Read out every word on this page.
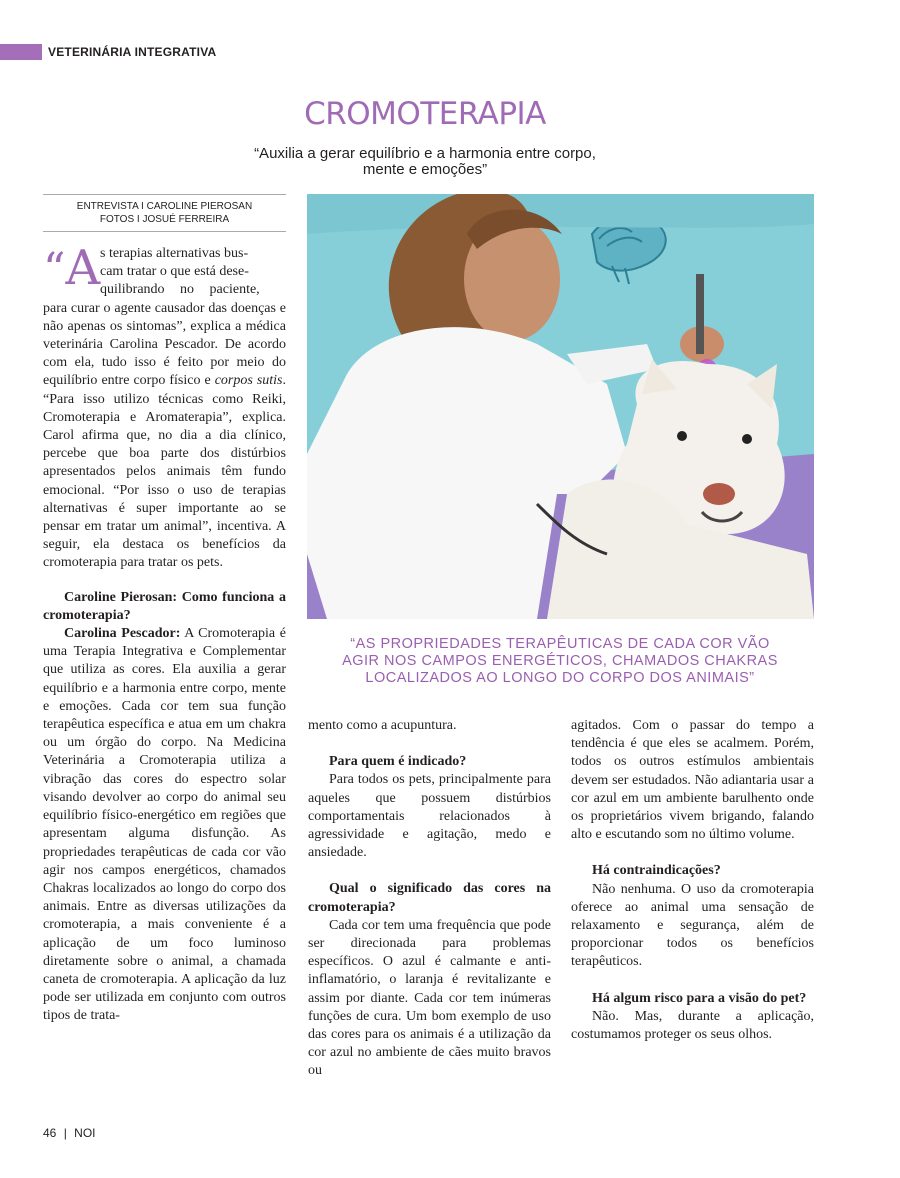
VETERINÁRIA INTEGRATIVA
CROMOTERAPIA
“Auxilia a gerar equilíbrio e a harmonia entre corpo,
mente e emoções”
ENTREVISTA I CAROLINE PIEROSAN
FOTOS I JOSUÉ FERREIRA
“AS PROPRIEDADES TERAPÊUTICAS DE CADA COR VÃO
AGIR NOS CAMPOS ENERGÉTICOS, CHAMADOS CHAKRAS
LOCALIZADOS AO LONGO DO CORPO DOS ANIMAIS”
“A s terapias alternativas bus-

cam tratar o que está dese-

quilibrando no paciente,

para curar o agente causador das doenças e não apenas os sintomas”, explica a médica veterinária Carolina Pescador. De acordo com ela, tudo isso é feito por meio do equilíbrio entre corpo físico e corpos sutis. “Para isso utilizo técnicas como Reiki, Cromoterapia e Aromaterapia”, explica. Carol afirma que, no dia a dia clínico, percebe que boa parte dos distúrbios apresentados pelos animais têm fundo emocional. “Por isso o uso de terapias alternativas é super importante ao se pensar em tratar um animal”, incentiva. A seguir, ela destaca os benefícios da cromoterapia para tratar os pets.

Caroline Pierosan: Como funciona a cromoterapia?

Carolina Pescador: A Cromoterapia é uma Terapia Integrativa e Complementar que utiliza as cores. Ela auxilia a gerar equilíbrio e a harmonia entre corpo, mente e emoções. Cada cor tem sua função terapêutica específica e atua em um chakra ou um órgão do corpo. Na Medicina Veterinária a Cromoterapia utiliza a vibração das cores do espectro solar visando devolver ao corpo do animal seu equilíbrio físico-energético em regiões que apresentam alguma disfunção. As propriedades terapêuticas de cada cor vão agir nos campos energéticos, chamados Chakras localizados ao longo do corpo dos animais. Entre as diversas utilizações da cromoterapia, a mais conveniente é a aplicação de um foco luminoso diretamente sobre o animal, a chamada caneta de cromoterapia. A aplicação da luz pode ser utilizada em conjunto com outros tipos de trata-

mento como a acupuntura.

Para quem é indicado?

Para todos os pets, principalmente para aqueles que possuem distúrbios comportamentais relacionados à agressividade e agitação, medo e ansiedade.

Qual o significado das cores na cromoterapia?

Cada cor tem uma frequência que pode ser direcionada para problemas específicos. O azul é calmante e anti-inflamatório, o laranja é revitalizante e assim por diante. Cada cor tem inúmeras funções de cura. Um bom exemplo de uso das cores para os animais é a utilização da cor azul no ambiente de cães muito bravos ou

agitados. Com o passar do tempo a tendência é que eles se acalmem. Porém, todos os outros estímulos ambientais devem ser estudados. Não adiantaria usar a cor azul em um ambiente barulhento onde os proprietários vivem brigando, falando alto e escutando som no último volume.

Há contraindicações?

Não nenhuma. O uso da cromoterapia oferece ao animal uma sensação de relaxamento e segurança, além de proporcionar todos os benefícios terapêuticos.

Há algum risco para a visão do pet?

Não. Mas, durante a aplicação, costumamos proteger os seus olhos.

46 | NOI
